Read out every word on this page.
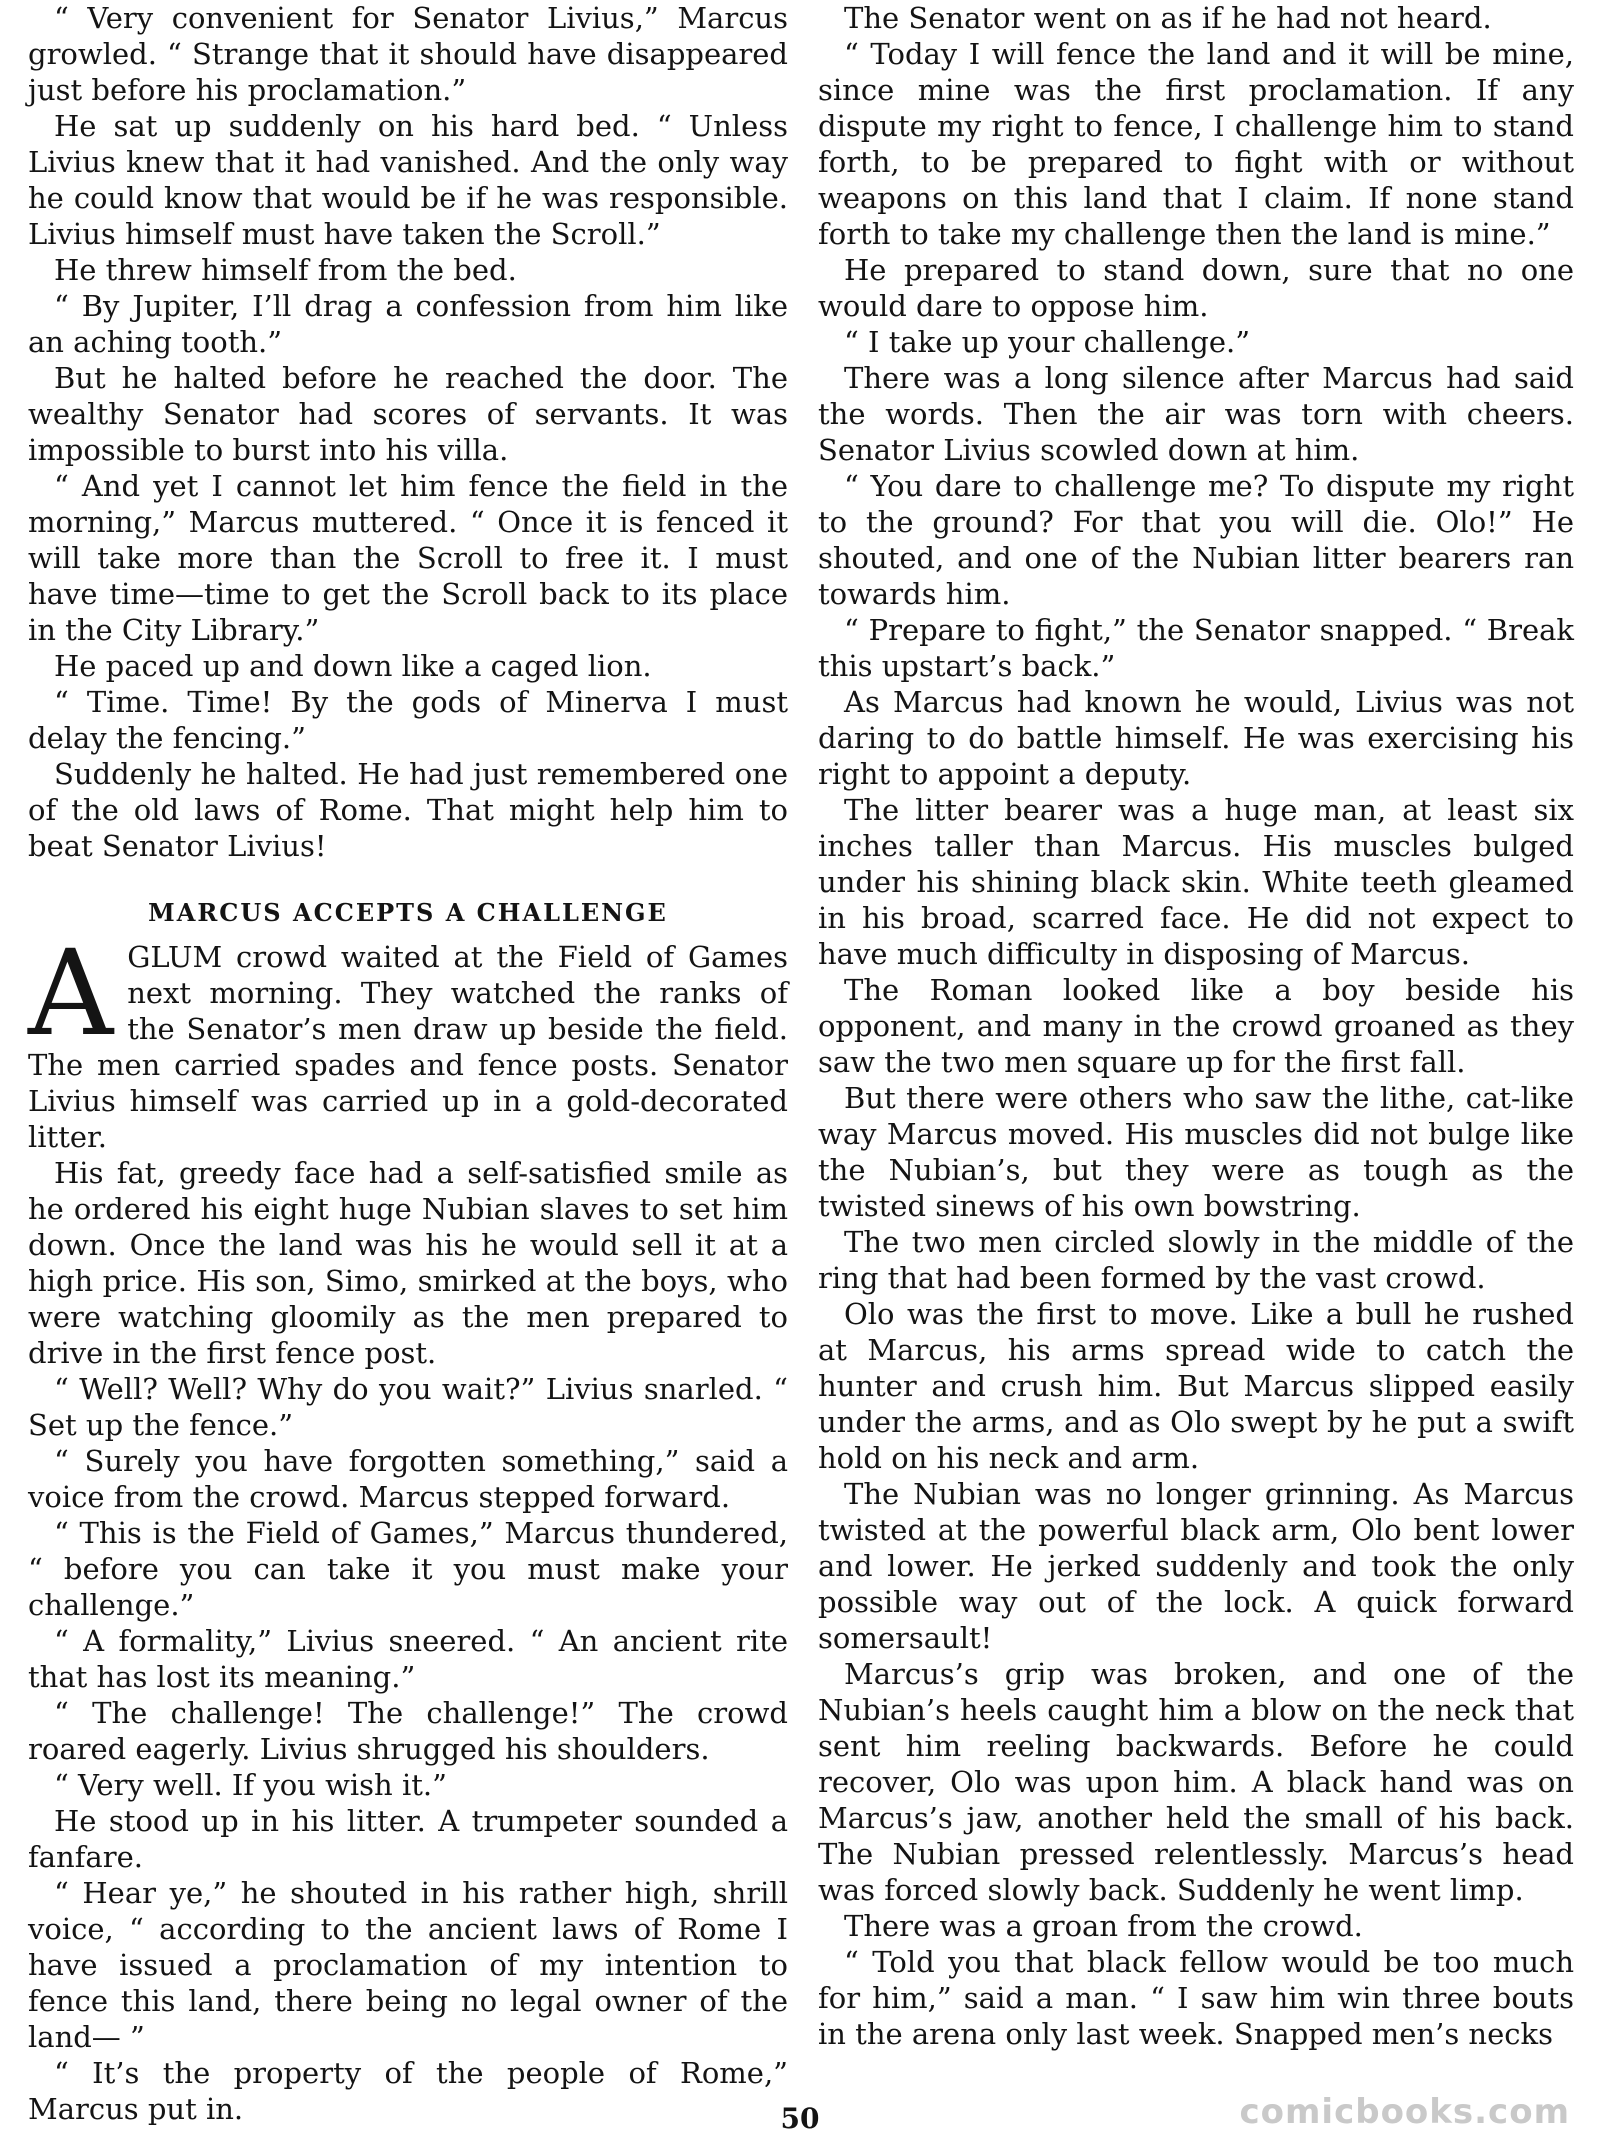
“ Very convenient for Senator Livius,” Marcus growled. “ Strange that it should have disappeared just before his proclamation.”

He sat up suddenly on his hard bed. “ Unless Livius knew that it had vanished. And the only way he could know that would be if he was responsible. Livius himself must have taken the Scroll.”

He threw himself from the bed.

“ By Jupiter, I’ll drag a confession from him like an aching tooth.”

But he halted before he reached the door. The wealthy Senator had scores of servants. It was impossible to burst into his villa.

“ And yet I cannot let him fence the field in the morning,” Marcus muttered. “ Once it is fenced it will take more than the Scroll to free it. I must have time—time to get the Scroll back to its place in the City Library.”

He paced up and down like a caged lion.

“ Time. Time! By the gods of Minerva I must delay the fencing.”

Suddenly he halted. He had just remembered one of the old laws of Rome. That might help him to beat Senator Livius!

MARCUS ACCEPTS A CHALLENGE

AGLUM crowd waited at the Field of Games next morning. They watched the ranks of the Senator’s men draw up beside the field. The men carried spades and fence posts. Senator Livius himself was carried up in a gold-decorated litter.

His fat, greedy face had a self-satisfied smile as he ordered his eight huge Nubian slaves to set him down. Once the land was his he would sell it at a high price. His son, Simo, smirked at the boys, who were watching gloomily as the men prepared to drive in the first fence post.

“ Well? Well? Why do you wait?” Livius snarled. “ Set up the fence.”

“ Surely you have forgotten something,” said a voice from the crowd. Marcus stepped forward.

“ This is the Field of Games,” Marcus thundered, “ before you can take it you must make your challenge.”

“ A formality,” Livius sneered. “ An ancient rite that has lost its meaning.”

“ The challenge! The challenge!” The crowd roared eagerly. Livius shrugged his shoulders.

“ Very well. If you wish it.”

He stood up in his litter. A trumpeter sounded a fanfare.

“ Hear ye,” he shouted in his rather high, shrill voice, “ according to the ancient laws of Rome I have issued a proclamation of my intention to fence this land, there being no legal owner of the land— ”

“ It’s the property of the people of Rome,” Marcus put in.

The Senator went on as if he had not heard.

“ Today I will fence the land and it will be mine, since mine was the first proclamation. If any dispute my right to fence, I challenge him to stand forth, to be prepared to fight with or without weapons on this land that I claim. If none stand forth to take my challenge then the land is mine.”

He prepared to stand down, sure that no one would dare to oppose him.

“ I take up your challenge.”

There was a long silence after Marcus had said the words. Then the air was torn with cheers. Senator Livius scowled down at him.

“ You dare to challenge me? To dispute my right to the ground? For that you will die. Olo!” He shouted, and one of the Nubian litter bearers ran towards him.

“ Prepare to fight,” the Senator snapped. “ Break this upstart’s back.”

As Marcus had known he would, Livius was not daring to do battle himself. He was exercising his right to appoint a deputy.

The litter bearer was a huge man, at least six inches taller than Marcus. His muscles bulged under his shining black skin. White teeth gleamed in his broad, scarred face. He did not expect to have much difficulty in disposing of Marcus.

The Roman looked like a boy beside his opponent, and many in the crowd groaned as they saw the two men square up for the first fall.

But there were others who saw the lithe, cat-like way Marcus moved. His muscles did not bulge like the Nubian’s, but they were as tough as the twisted sinews of his own bowstring.

The two men circled slowly in the middle of the ring that had been formed by the vast crowd.

Olo was the first to move. Like a bull he rushed at Marcus, his arms spread wide to catch the hunter and crush him. But Marcus slipped easily under the arms, and as Olo swept by he put a swift hold on his neck and arm.

The Nubian was no longer grinning. As Marcus twisted at the powerful black arm, Olo bent lower and lower. He jerked suddenly and took the only possible way out of the lock. A quick forward somersault!

Marcus’s grip was broken, and one of the Nubian’s heels caught him a blow on the neck that sent him reeling backwards. Before he could recover, Olo was upon him. A black hand was on Marcus’s jaw, another held the small of his back. The Nubian pressed relentlessly. Marcus’s head was forced slowly back. Suddenly he went limp.

There was a groan from the crowd.

“ Told you that black fellow would be too much for him,” said a man. “ I saw him win three bouts in the arena only last week. Snapped men’s necks

50	comicbooks.com
